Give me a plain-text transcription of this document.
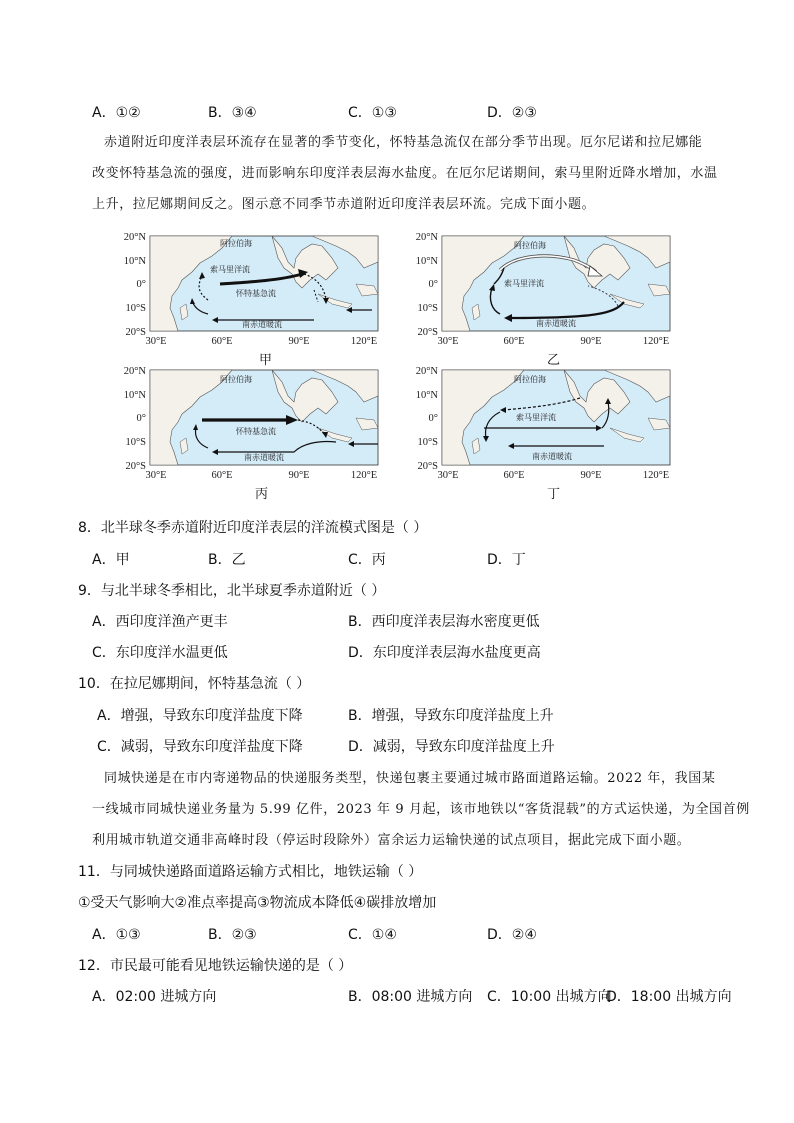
A．①②	B．③④	C．①③	D．②③
赤道附近印度洋表层环流存在显著的季节变化，怀特基急流仅在部分季节出现。厄尔尼诺和拉尼娜能
改变怀特基急流的强度，进而影响东印度洋表层海水盐度。在厄尔尼诺期间，索马里附近降水增加，水温
上升，拉尼娜期间反之。图示意不同季节赤道附近印度洋表层环流。完成下面小题。
20°N
10°N
0°
10°S
20°S
30°E	60°E	90°E	120°E
阿拉伯海
索马里洋流
怀特基急流
南赤道暖流
甲
20°N
10°N
0°
10°S
20°S
30°E	60°E	90°E	120°E
阿拉伯海
索马里洋流
南赤道暖流
乙
20°N
10°N
0°
10°S
20°S
30°E	60°E	90°E	120°E
阿拉伯海
怀特基急流
南赤道暖流
丙
20°N
10°N
0°
10°S
20°S
30°E	60°E	90°E	120°E
阿拉伯海
索马里洋流
南赤道暖流
丁
8．北半球冬季赤道附近印度洋表层的洋流模式图是（ ）
A．甲	B．乙	C．丙	D．丁
9．与北半球冬季相比，北半球夏季赤道附近（ ）
A．西印度洋渔产更丰	B．西印度洋表层海水密度更低
C．东印度洋水温更低	D．东印度洋表层海水盐度更高
10．在拉尼娜期间，怀特基急流（ ）
A．增强，导致东印度洋盐度下降	B．增强，导致东印度洋盐度上升
C．减弱，导致东印度洋盐度下降	D．减弱，导致东印度洋盐度上升
同城快递是在市内寄递物品的快递服务类型，快递包裹主要通过城市路面道路运输。2022 年，我国某
一线城市同城快递业务量为 5.99 亿件，2023 年 9 月起，该市地铁以“客货混载”的方式运快递，为全国首例
利用城市轨道交通非高峰时段（停运时段除外）富余运力运输快递的试点项目，据此完成下面小题。
11．与同城快递路面道路运输方式相比，地铁运输（ ）
①受天气影响大②准点率提高③物流成本降低④碳排放增加
A．①③	B．②③	C．①④	D．②④
12．市民最可能看见地铁运输快递的是（ ）
A．02:00 进城方向	B．08:00 进城方向 C．10:00 出城方向
D．18:00 出城方向
